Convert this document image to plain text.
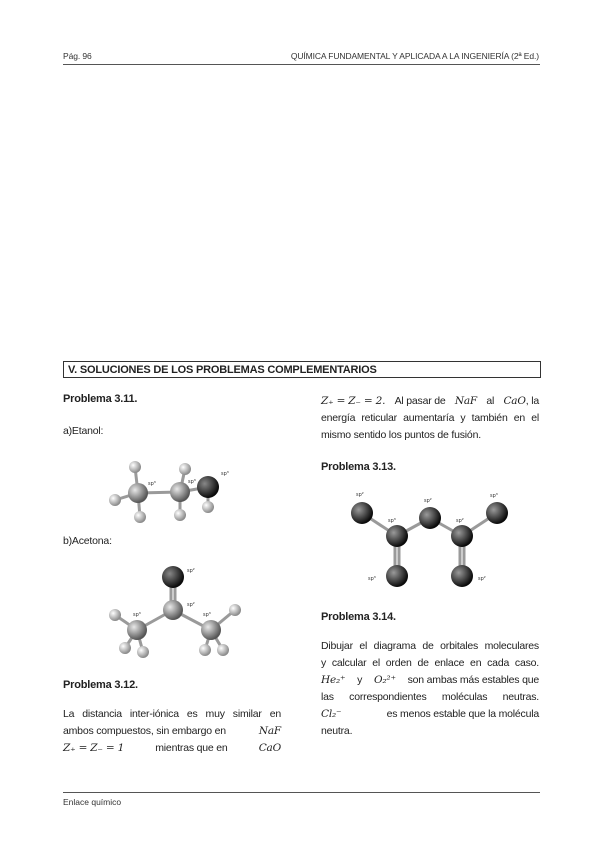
Pág. 96	QUÍMICA FUNDAMENTAL Y APLICADA A LA INGENIERÍA (2ª Ed.)
V. SOLUCIONES DE LOS PROBLEMAS COMPLEMENTARIOS
Problema 3.11.
a)Etanol:
sp³	sp³
sp³
b)Acetona:
sp²
sp²
sp³	sp³
Problema 3.12.
La distancia inter-iónica es muy similar en
ambos compuestos, sin embargo en	NaF
Z₊ = Z₋ = 1	mientras que en	CaO
Z₊ = Z₋ = 2. Al pasar de NaF al CaO, la
energía reticular aumentaría y también en el
mismo sentido los puntos de fusión.
Problema 3.13.
sp²
sp³
sp²
sp²
sp³
sp³	sp²
Problema 3.14.
Dibujar el diagrama de orbitales moleculares
y calcular el orden de enlace en cada caso.
He₂⁺ y O₂²⁺ son ambas más estables que
las correspondientes moléculas neutras.
Cl₂⁻	es menos estable que la molécula
neutra.
Enlace químico
